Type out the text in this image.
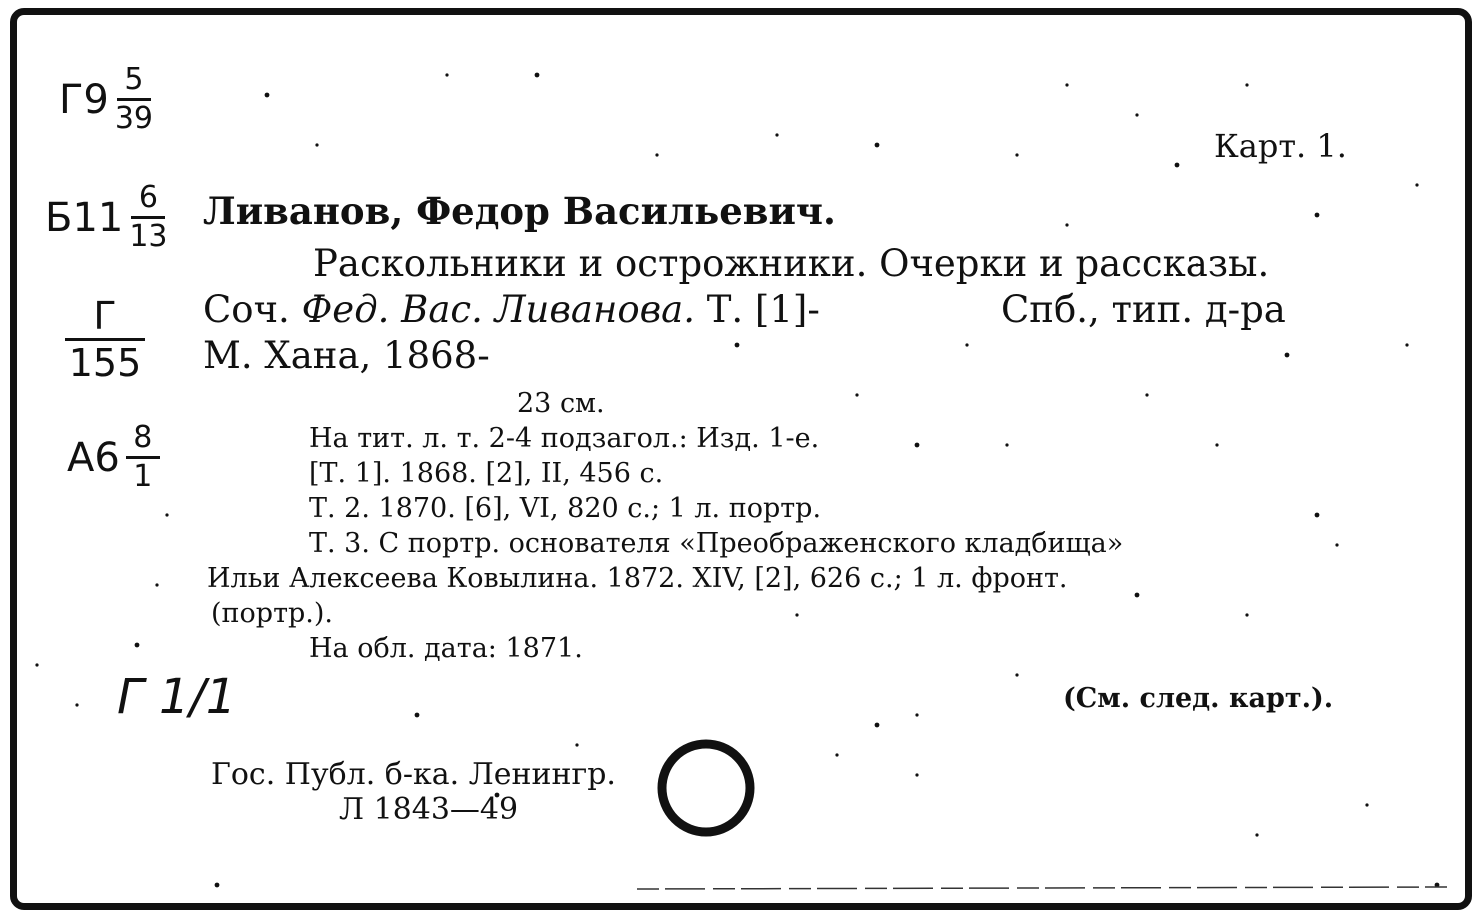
Карт. 1.
$Г9 \frac{5}{39}$
$Б11 \frac{6}{13}$
$\frac{Г}{155}$
$А6 \frac{8}{1}$
Ливанов, Федор Васильевич.
Раскольники и острожники. Очерки и рассказы.
Соч. Фед. Вас. Ливанова. Т. [1]-	Спб., тип. д-ра
М. Хана, 1868-
23 см.
На тит. л. т. 2-4 подзагол.: Изд. 1-е.
[Т. 1]. 1868. [2], II, 456 с.
Т. 2. 1870. [6], VI, 820 с.; 1 л. портр.
Т. 3. С портр. основателя «Преображенского кладбища»
Ильи Алексеева Ковылина. 1872. XIV, [2], 626 с.; 1 л. фронт.
(портр.).
На обл. дата: 1871.
Г 1/1	(См. след. карт.).
Гос. Публ. б-ка. Ленингр.
Л 1843—49
